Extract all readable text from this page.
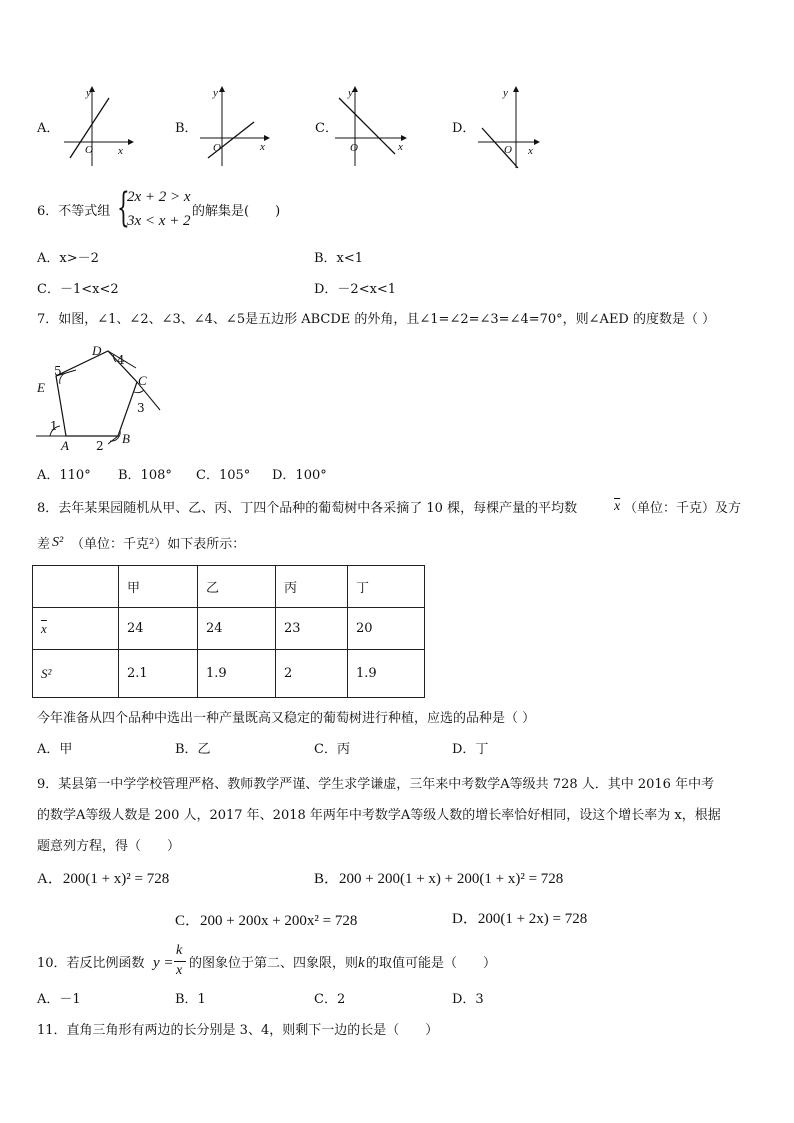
A．
y
x
O
B．
y
x
O
C．
y
x
O
D．
y
x
O
6．不等式组 {
2x + 2 > x
3x < x + 2
的解集是(　　)
A．x>－2	B．x<1
C．－1<x<2	D．－2<x<1
7．如图，∠1、∠2、∠3、∠4、∠5是五边形 ABCDE 的外角，且∠1=∠2=∠3=∠4=70°，则∠AED 的度数是（ ）
A	B
C
D
E
1
2
3
4
5
A．110° B．108° C．105° D．100°
8．去年某果园随机从甲、乙、丙、丁四个品种的葡萄树中各采摘了 10 棵，每棵产量的平均数	$\overline{x}$ （单位：千克）及方
差 S² （单位：千克²）如下表所示：
	甲	乙	丙	丁
$\overline{x}$	24	24	23	20
S²	2.1	1.9	2	1.9
今年准备从四个品种中选出一种产量既高又稳定的葡萄树进行种植，应选的品种是（ ）
A．甲	B．乙	C．丙	D．丁
9．某县第一中学学校管理严格、教师教学严谨、学生求学谦虚，三年来中考数学A等级共 728 人．其中 2016 年中考
的数学A等级人数是 200 人，2017 年、2018 年两年中考数学A等级人数的增长率恰好相同，设这个增长率为 x，根据
题意列方程，得（　　）
A．200(1 + x)² = 728	B．200 + 200(1 + x) + 200(1 + x)² = 728
C．200 + 200x + 200x² = 728	D．200(1 + 2x) = 728
10．若反比例函数 y =
k
x 的图象位于第二、四象限，则 k 的取值可能是（　　）
A．－1	B．1	C．2	D．3
11．直角三角形有两边的长分别是 3、4，则剩下一边的长是（　　）
